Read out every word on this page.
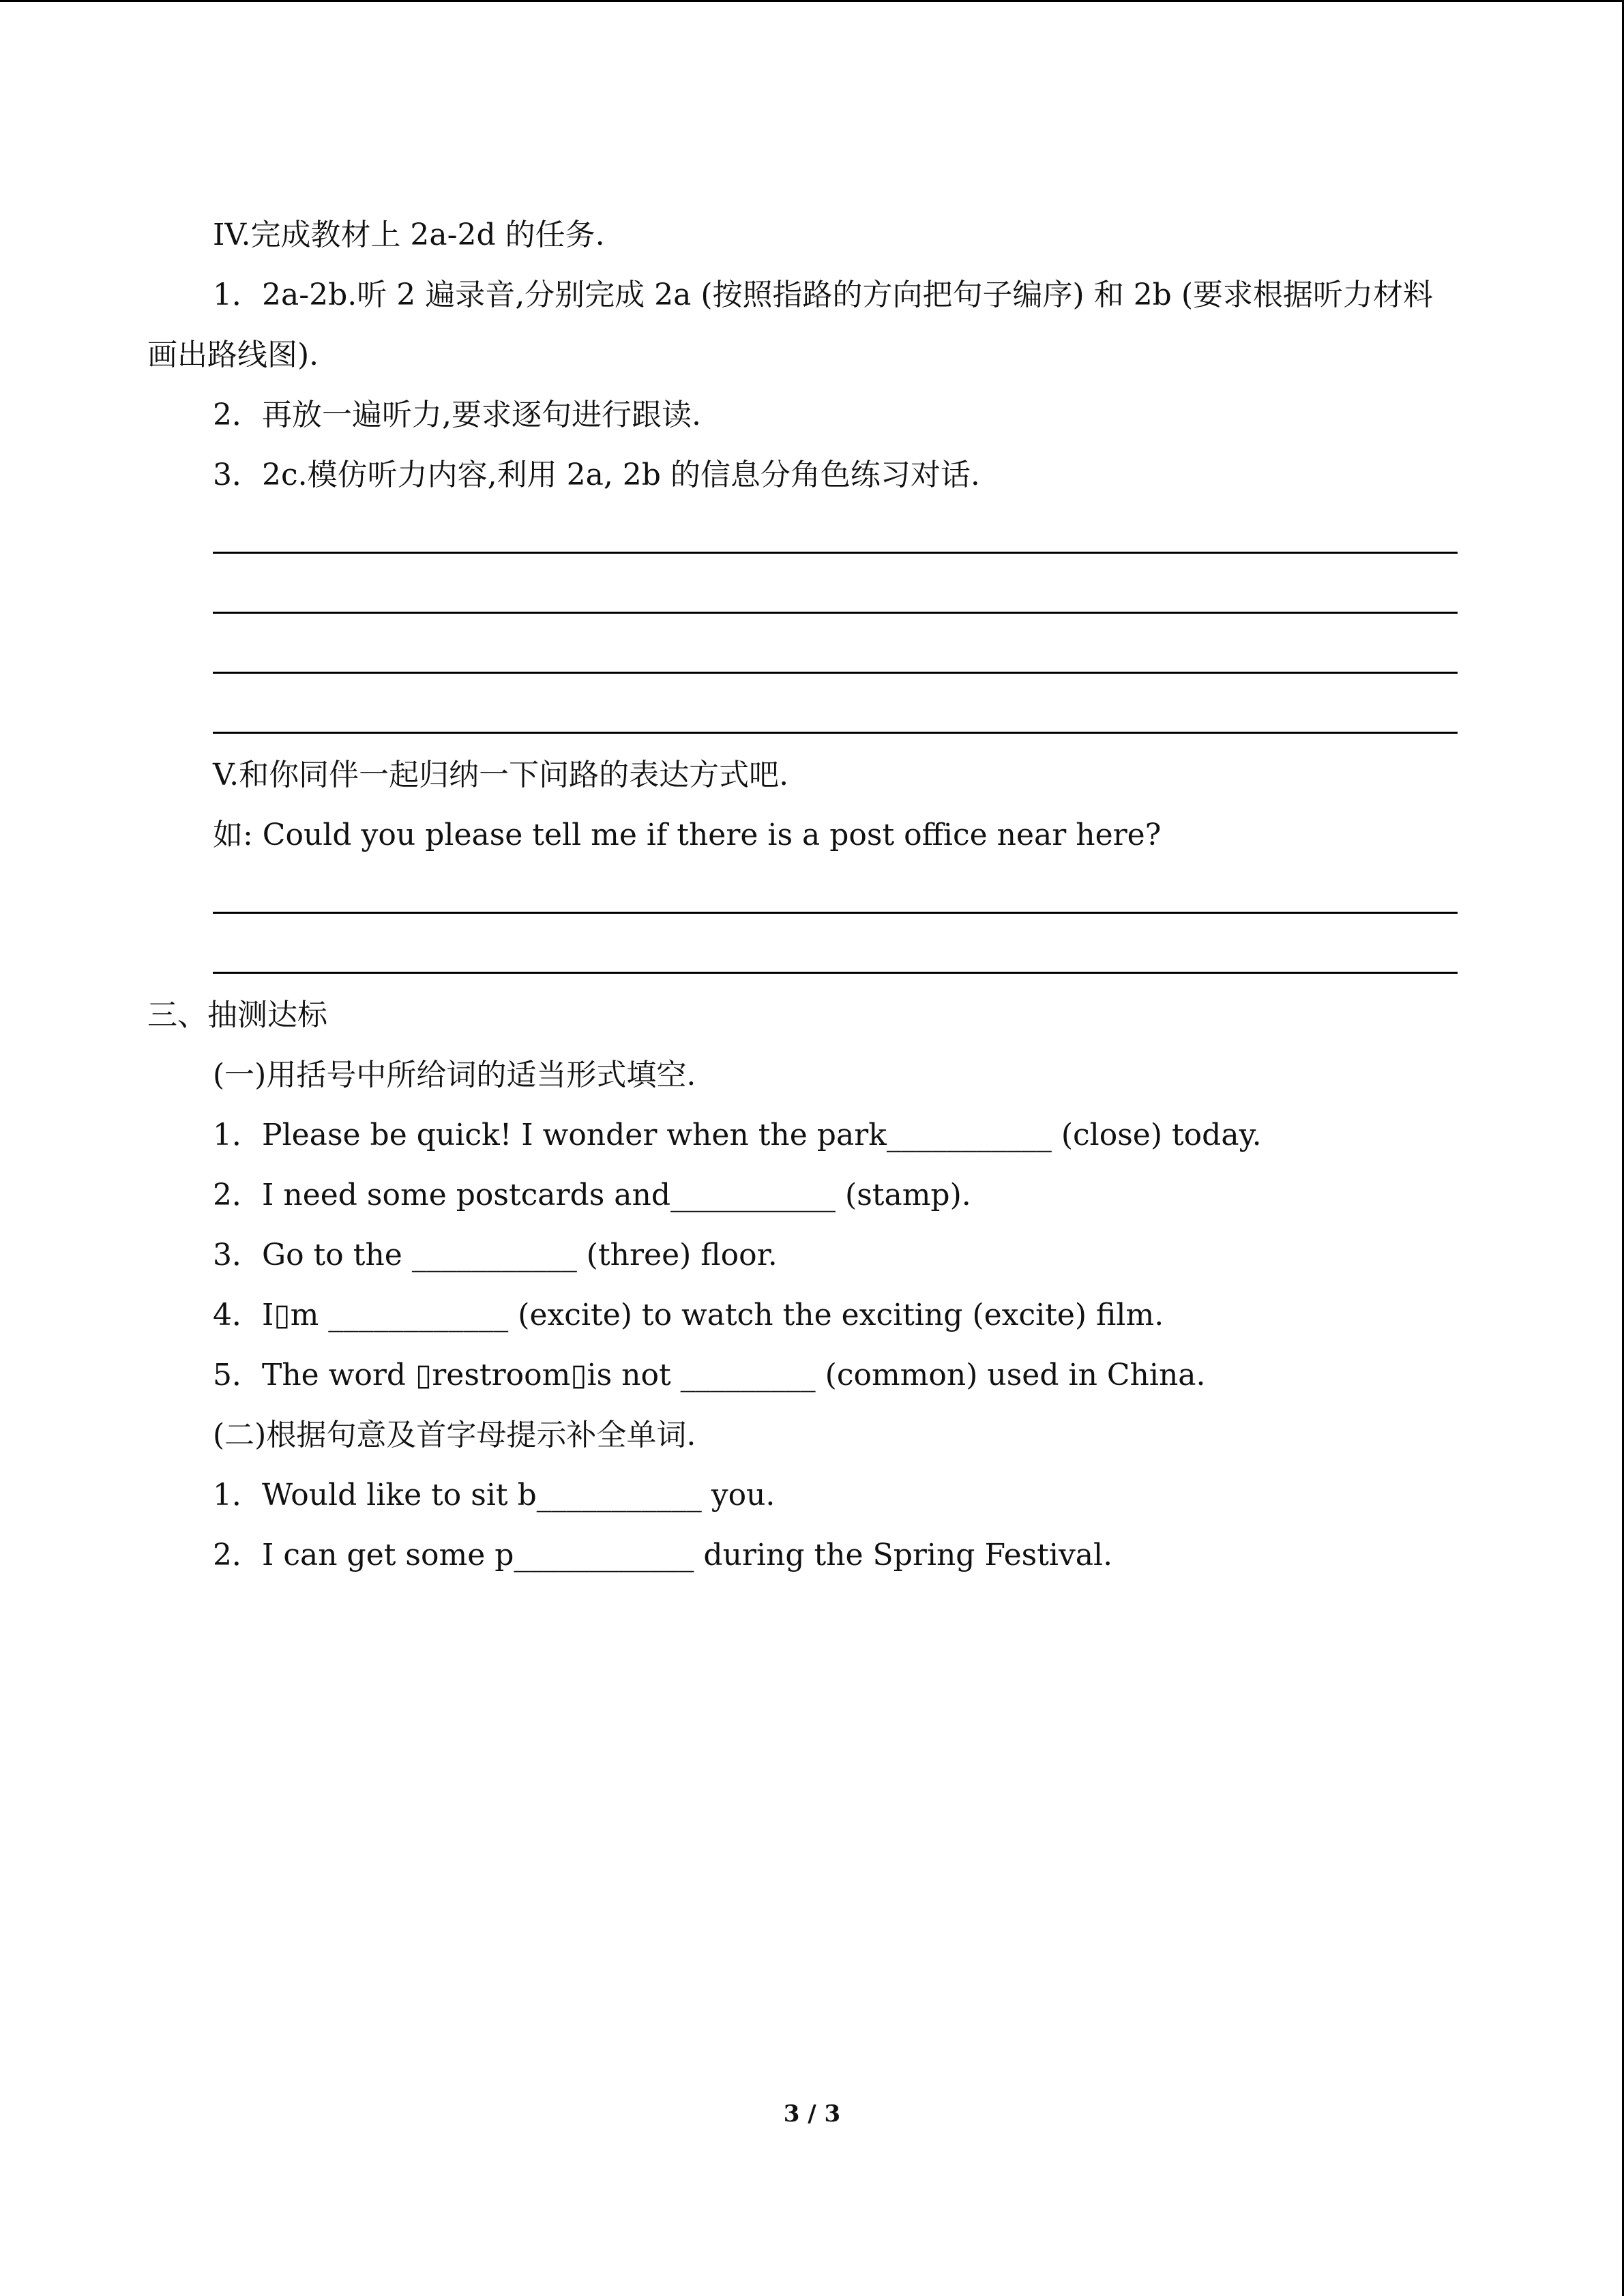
IV.完成教材上 2a-2d 的任务.
1．2a-2b.听 2 遍录音,分别完成 2a (按照指路的方向把句子编序) 和 2b (要求根据听力材料
画出路线图).
2．再放一遍听力,要求逐句进行跟读.
3．2c.模仿听力内容,利用 2a, 2b 的信息分角色练习对话.
V.和你同伴一起归纳一下问路的表达方式吧.
如: Could you please tell me if there is a post office near here?
三、抽测达标
(一)用括号中所给词的适当形式填空.
1．Please be quick! I wonder when the park___________ (close) today.
2．I need some postcards and___________ (stamp).
3．Go to the ___________ (three) floor.
4．I▯m ____________ (excite) to watch the exciting (excite) film.
5．The word ▯restroom▯is not _________ (common) used in China.
(二)根据句意及首字母提示补全单词.
1．Would like to sit b___________ you.
2．I can get some p____________ during the Spring Festival.
3 / 3
